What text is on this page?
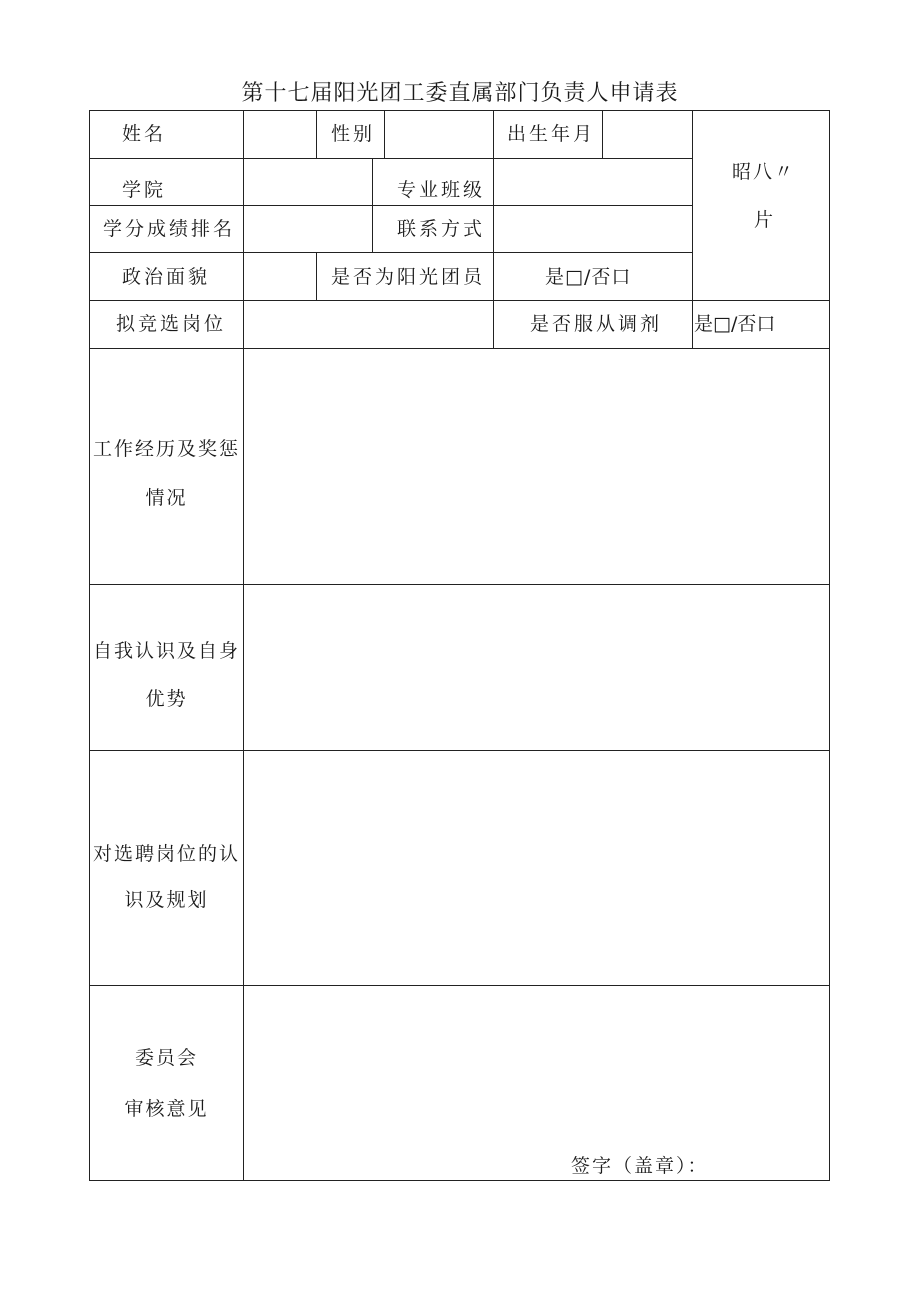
第十七届阳光团工委直属部门负责人申请表
姓名	性别	出生年月
昭八〃
片
学院	专业班级
学分成绩排名	联系方式
政治面貌	是否为阳光团员	是□/否口
拟竞选岗位	是否服从调剂 是□/否口
工作经历及奖惩
情况
自我认识及自身
优势
对选聘岗位的认
识及规划
委员会
审核意见
签字（盖章）：
